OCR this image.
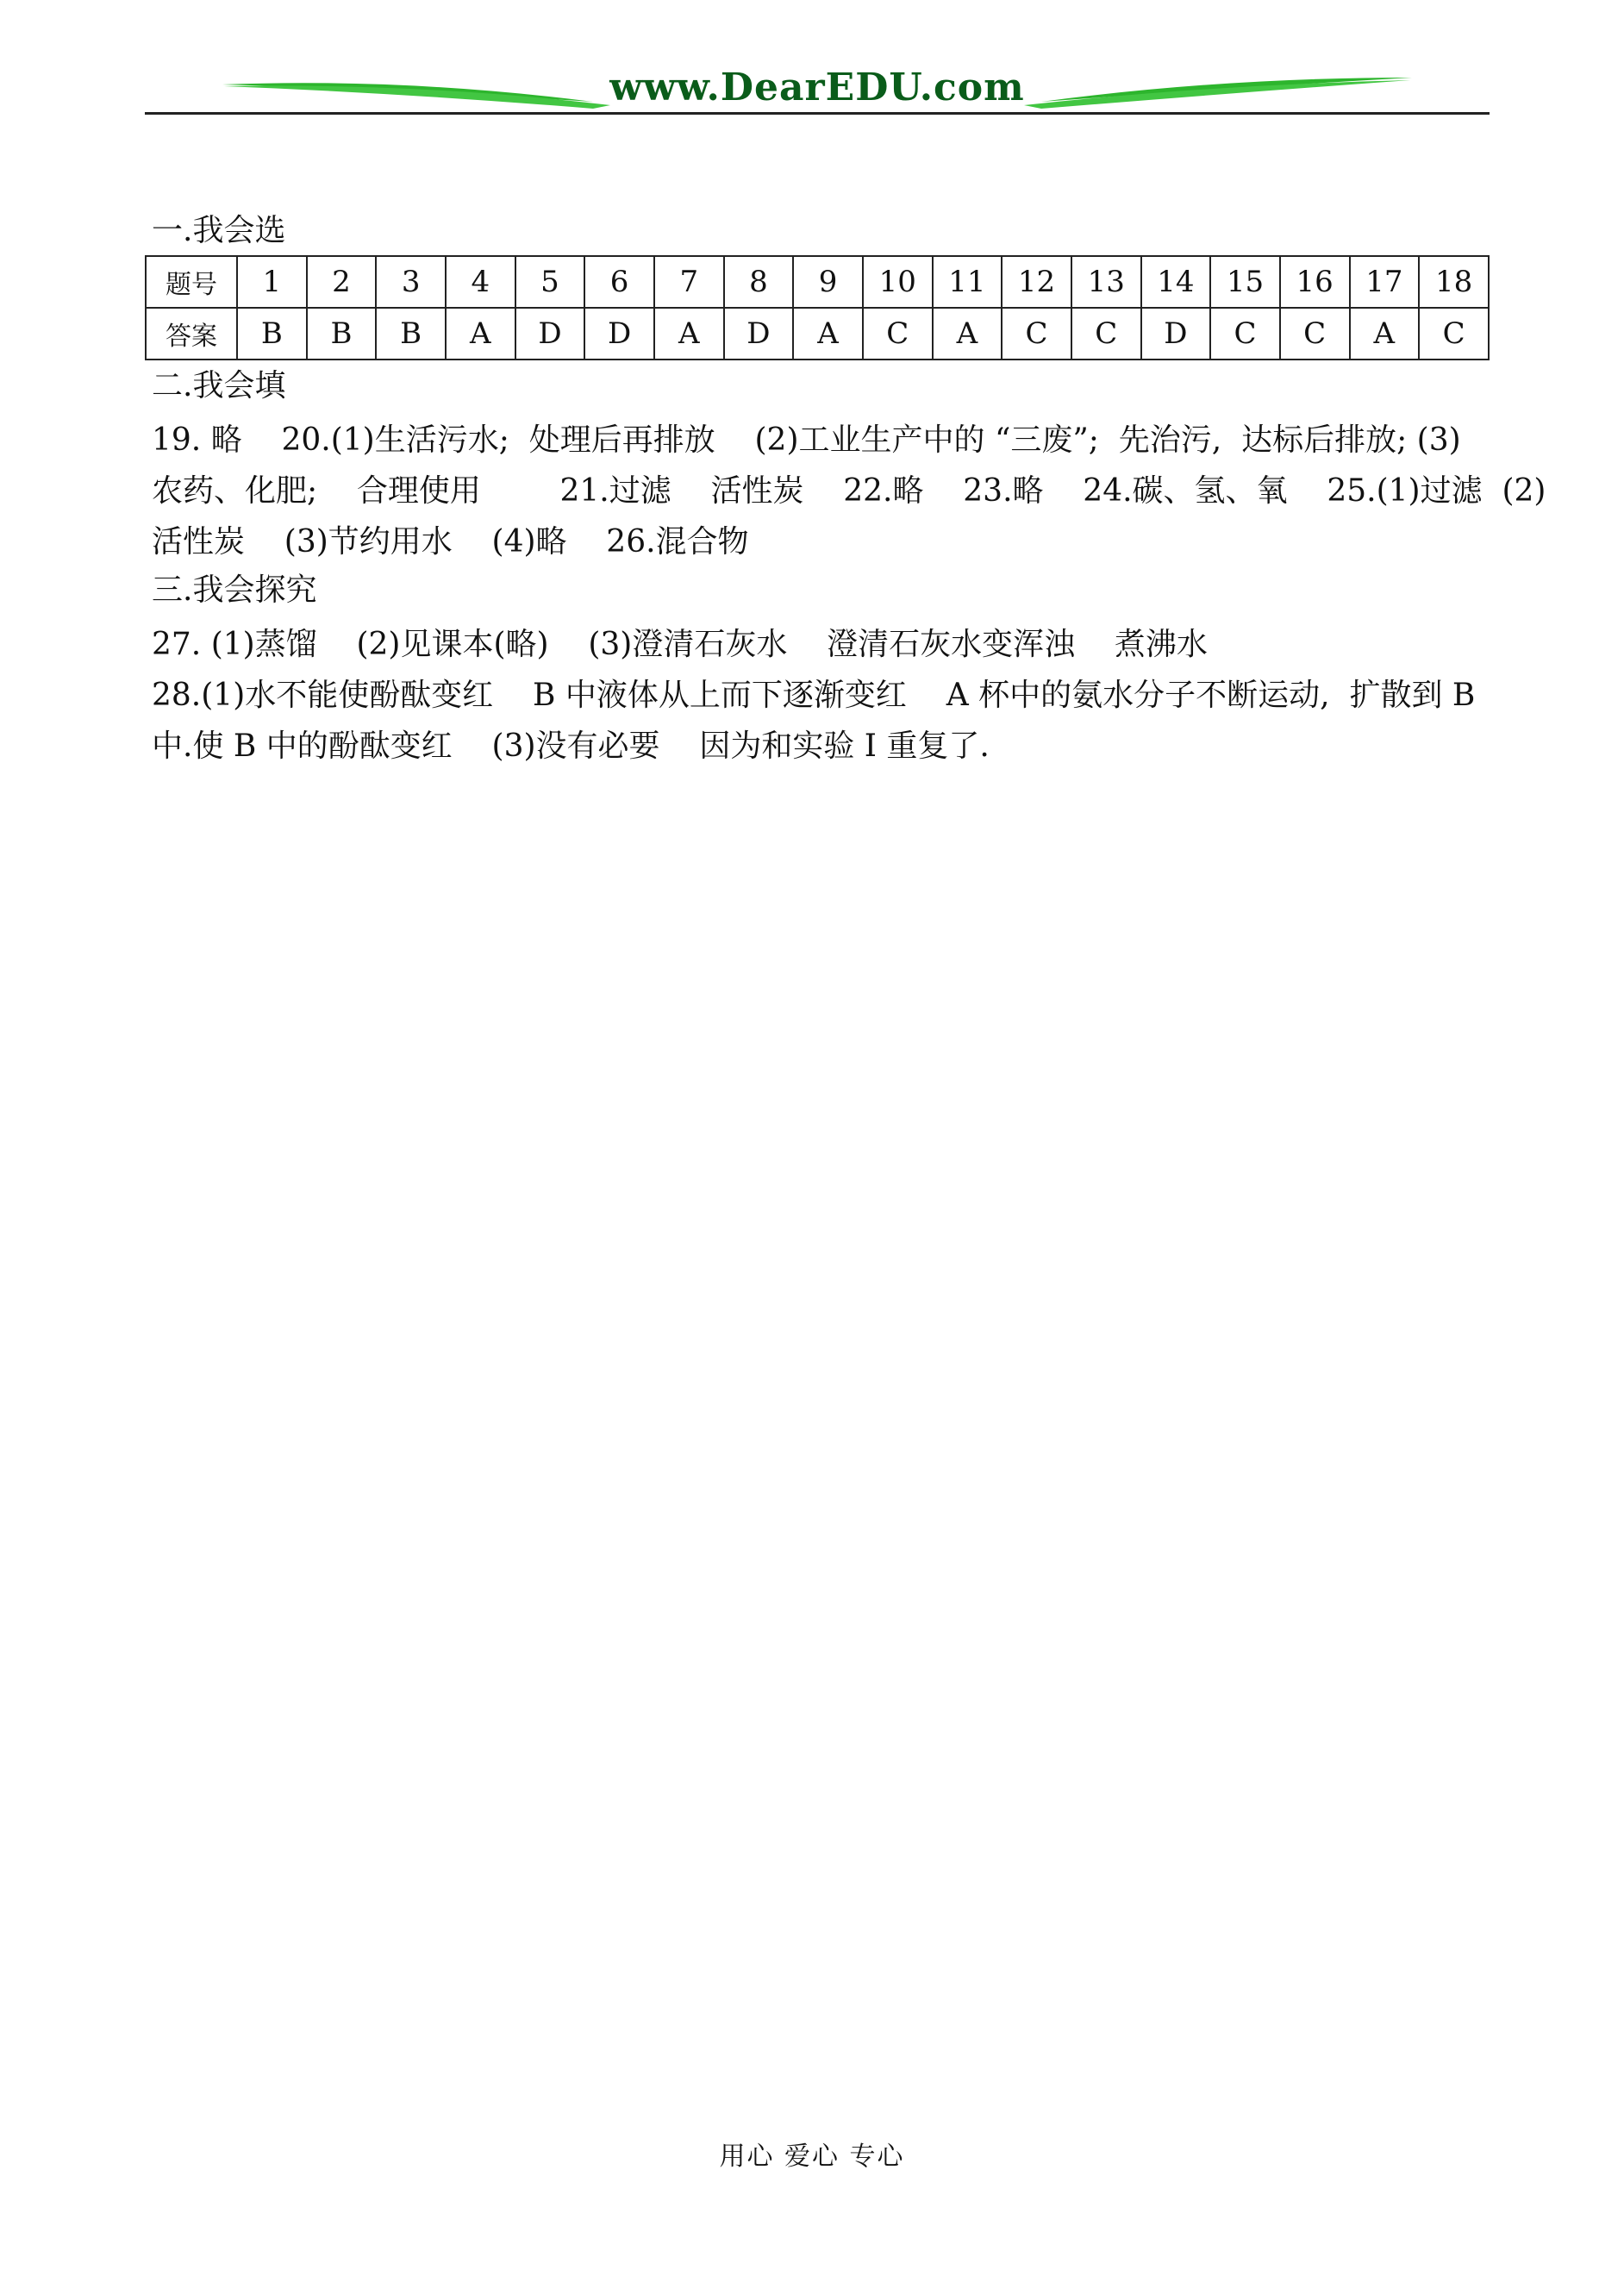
www.DearEDU.com
一.我会选
题号	1	2	3	4	5	6	7	8	9	10	11	12	13	14	15	16	17	18
答案	B	B	B	A	D	D	A	D	A	C	A	C	C	D	C	C	A	C
二.我会填
19. 略    20.(1)生活污水;  处理后再排放    (2)工业生产中的 “三废”;  先治污,  达标后排放; (3)
农药、化肥;    合理使用        21.过滤    活性炭    22.略    23.略    24.碳、氢、氧    25.(1)过滤  (2)
活性炭    (3)节约用水    (4)略    26.混合物
三.我会探究
27. (1)蒸馏    (2)见课本(略)    (3)澄清石灰水    澄清石灰水变浑浊    煮沸水
28.(1)水不能使酚酞变红    B 中液体从上而下逐渐变红    A 杯中的氨水分子不断运动,  扩散到 B
中.使 B 中的酚酞变红    (3)没有必要    因为和实验 I 重复了.
用心 爱心 专心
